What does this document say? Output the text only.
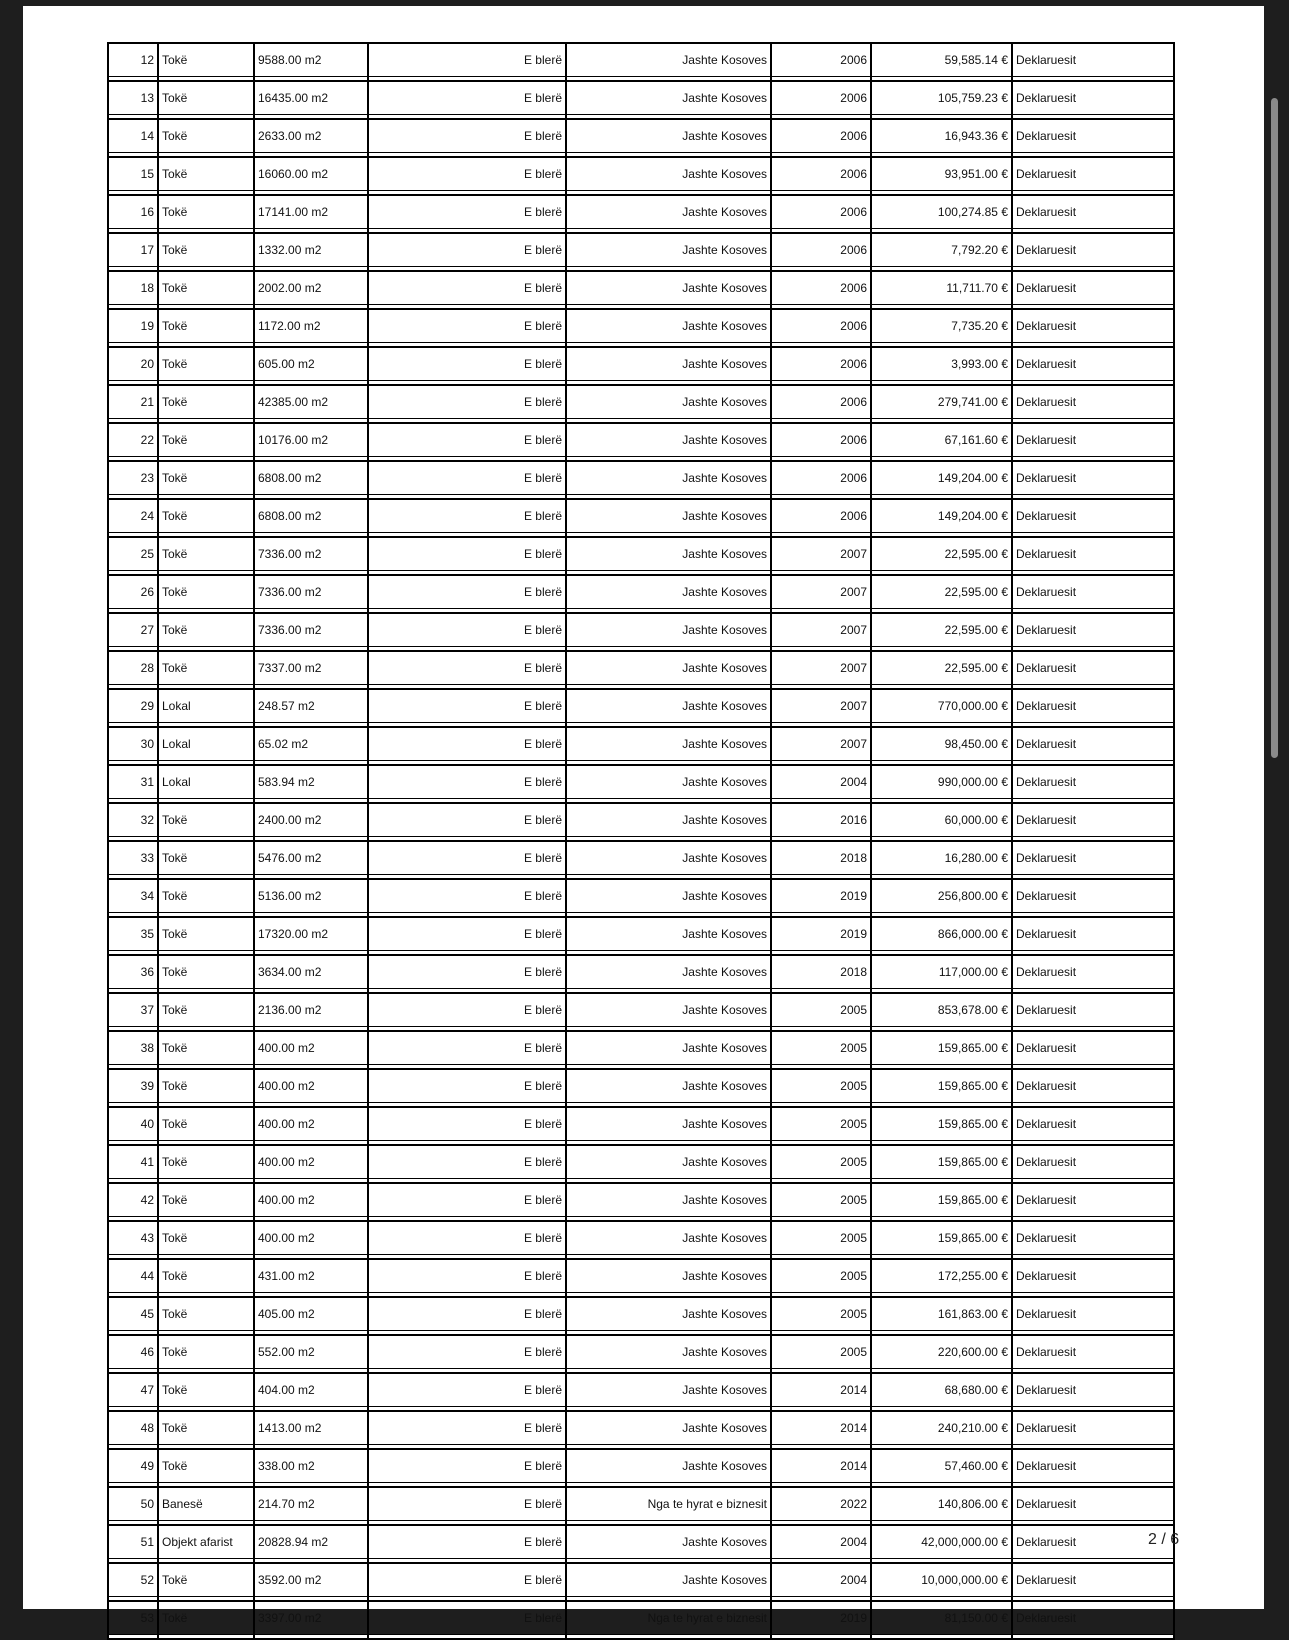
12	Tokë	9588.00 m2	E blerë	Jashte Kosoves	2006	59,585.14 €	Deklaruesit
13	Tokë	16435.00 m2	E blerë	Jashte Kosoves	2006	105,759.23 €	Deklaruesit
14	Tokë	2633.00 m2	E blerë	Jashte Kosoves	2006	16,943.36 €	Deklaruesit
15	Tokë	16060.00 m2	E blerë	Jashte Kosoves	2006	93,951.00 €	Deklaruesit
16	Tokë	17141.00 m2	E blerë	Jashte Kosoves	2006	100,274.85 €	Deklaruesit
17	Tokë	1332.00 m2	E blerë	Jashte Kosoves	2006	7,792.20 €	Deklaruesit
18	Tokë	2002.00 m2	E blerë	Jashte Kosoves	2006	11,711.70 €	Deklaruesit
19	Tokë	1172.00 m2	E blerë	Jashte Kosoves	2006	7,735.20 €	Deklaruesit
20	Tokë	605.00 m2	E blerë	Jashte Kosoves	2006	3,993.00 €	Deklaruesit
21	Tokë	42385.00 m2	E blerë	Jashte Kosoves	2006	279,741.00 €	Deklaruesit
22	Tokë	10176.00 m2	E blerë	Jashte Kosoves	2006	67,161.60 €	Deklaruesit
23	Tokë	6808.00 m2	E blerë	Jashte Kosoves	2006	149,204.00 €	Deklaruesit
24	Tokë	6808.00 m2	E blerë	Jashte Kosoves	2006	149,204.00 €	Deklaruesit
25	Tokë	7336.00 m2	E blerë	Jashte Kosoves	2007	22,595.00 €	Deklaruesit
26	Tokë	7336.00 m2	E blerë	Jashte Kosoves	2007	22,595.00 €	Deklaruesit
27	Tokë	7336.00 m2	E blerë	Jashte Kosoves	2007	22,595.00 €	Deklaruesit
28	Tokë	7337.00 m2	E blerë	Jashte Kosoves	2007	22,595.00 €	Deklaruesit
29	Lokal	248.57 m2	E blerë	Jashte Kosoves	2007	770,000.00 €	Deklaruesit
30	Lokal	65.02 m2	E blerë	Jashte Kosoves	2007	98,450.00 €	Deklaruesit
31	Lokal	583.94 m2	E blerë	Jashte Kosoves	2004	990,000.00 €	Deklaruesit
32	Tokë	2400.00 m2	E blerë	Jashte Kosoves	2016	60,000.00 €	Deklaruesit
33	Tokë	5476.00 m2	E blerë	Jashte Kosoves	2018	16,280.00 €	Deklaruesit
34	Tokë	5136.00 m2	E blerë	Jashte Kosoves	2019	256,800.00 €	Deklaruesit
35	Tokë	17320.00 m2	E blerë	Jashte Kosoves	2019	866,000.00 €	Deklaruesit
36	Tokë	3634.00 m2	E blerë	Jashte Kosoves	2018	117,000.00 €	Deklaruesit
37	Tokë	2136.00 m2	E blerë	Jashte Kosoves	2005	853,678.00 €	Deklaruesit
38	Tokë	400.00 m2	E blerë	Jashte Kosoves	2005	159,865.00 €	Deklaruesit
39	Tokë	400.00 m2	E blerë	Jashte Kosoves	2005	159,865.00 €	Deklaruesit
40	Tokë	400.00 m2	E blerë	Jashte Kosoves	2005	159,865.00 €	Deklaruesit
41	Tokë	400.00 m2	E blerë	Jashte Kosoves	2005	159,865.00 €	Deklaruesit
42	Tokë	400.00 m2	E blerë	Jashte Kosoves	2005	159,865.00 €	Deklaruesit
43	Tokë	400.00 m2	E blerë	Jashte Kosoves	2005	159,865.00 €	Deklaruesit
44	Tokë	431.00 m2	E blerë	Jashte Kosoves	2005	172,255.00 €	Deklaruesit
45	Tokë	405.00 m2	E blerë	Jashte Kosoves	2005	161,863.00 €	Deklaruesit
46	Tokë	552.00 m2	E blerë	Jashte Kosoves	2005	220,600.00 €	Deklaruesit
47	Tokë	404.00 m2	E blerë	Jashte Kosoves	2014	68,680.00 €	Deklaruesit
48	Tokë	1413.00 m2	E blerë	Jashte Kosoves	2014	240,210.00 €	Deklaruesit
49	Tokë	338.00 m2	E blerë	Jashte Kosoves	2014	57,460.00 €	Deklaruesit
50	Banesë	214.70 m2	E blerë	Nga te hyrat e biznesit	2022	140,806.00 €	Deklaruesit
51	Objekt afarist	20828.94 m2	E blerë	Jashte Kosoves	2004	42,000,000.00 €	Deklaruesit
52	Tokë	3592.00 m2	E blerë	Jashte Kosoves	2004	10,000,000.00 €	Deklaruesit
53	Tokë	3397.00 m2	E blerë	Nga te hyrat e biznesit	2019	81,150.00 €	Deklaruesit
2 / 6
